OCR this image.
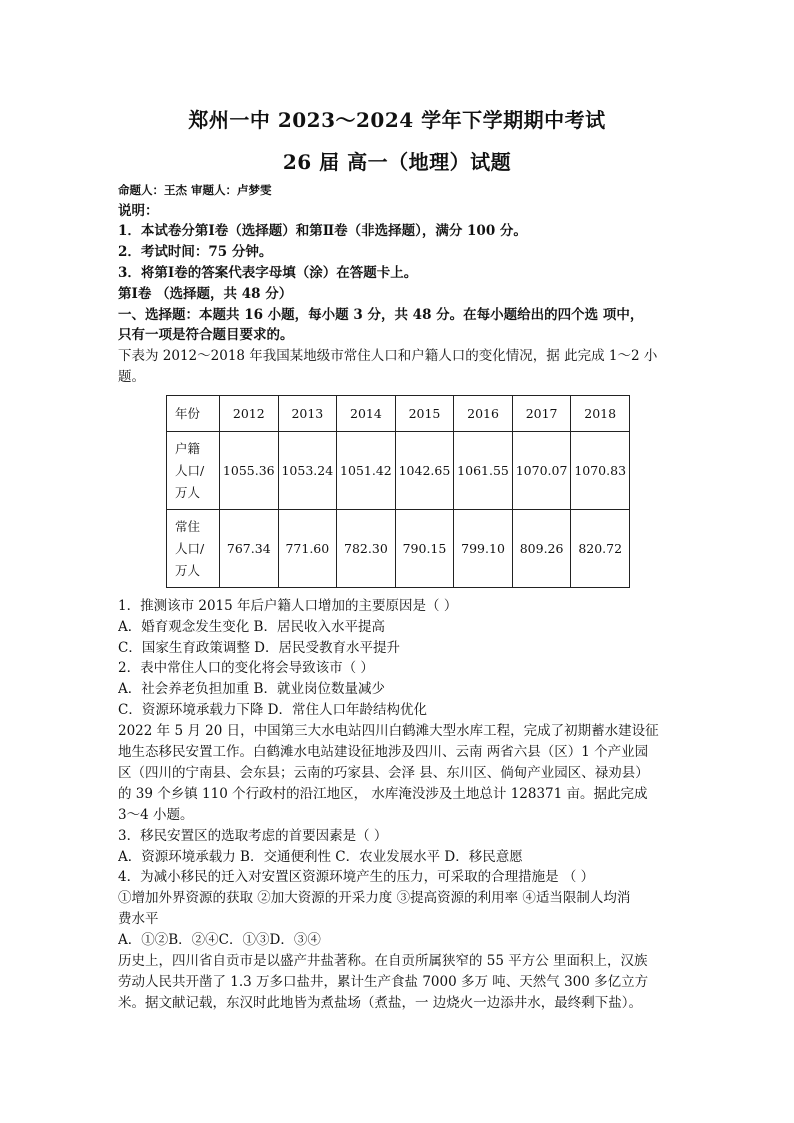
郑州一中 2023～2024 学年下学期期中考试
26 届 高一（地理）试题
命题人：王杰 审题人：卢梦雯
说明：
1．本试卷分第Ⅰ卷（选择题）和第Ⅱ卷（非选择题），满分 100 分。
2．考试时间：75 分钟。
3．将第Ⅰ卷的答案代表字母填（涂）在答题卡上。
第Ⅰ卷 （选择题，共 48 分）
一、选择题：本题共 16 小题，每小题 3 分，共 48 分。在每小题给出的四个选 项中，
只有一项是符合题目要求的。
下表为 2012～2018 年我国某地级市常住人口和户籍人口的变化情况，据 此完成 1～2 小
题。
年份	2012	2013	2014	2015	2016	2017	2018

户籍
人口/
万人	1055.36	1053.24	1051.42	1042.65	1061.55	1070.07	1070.83

常住
人口/
万人	767.34	771.60	782.30	790.15	799.10	809.26	820.72
1．推测该市 2015 年后户籍人口增加的主要原因是（ ）
A．婚育观念发生变化 B．居民收入水平提高
C．国家生育政策调整 D．居民受教育水平提升
2．表中常住人口的变化将会导致该市（ ）
A．社会养老负担加重 B．就业岗位数量减少
C．资源环境承载力下降 D．常住人口年龄结构优化
2022 年 5 月 20 日，中国第三大水电站四川白鹤滩大型水库工程，完成了初期蓄水建设征
地生态移民安置工作。白鹤滩水电站建设征地涉及四川、云南 两省六县（区）1 个产业园
区（四川的宁南县、会东县；云南的巧家县、会泽 县、东川区、倘甸产业园区、禄劝县）
的 39 个乡镇 110 个行政村的沿江地区， 水库淹没涉及土地总计 128371 亩。据此完成
3～4 小题。
3．移民安置区的选取考虑的首要因素是（ ）
A．资源环境承载力 B．交通便利性 C．农业发展水平 D．移民意愿
4．为减小移民的迁入对安置区资源环境产生的压力，可采取的合理措施是 （ ）
①增加外界资源的获取 ②加大资源的开采力度 ③提高资源的利用率 ④适当限制人均消
费水平
A．①②B．②④C．①③D．③④
历史上，四川省自贡市是以盛产井盐著称。在自贡所属狭窄的 55 平方公 里面积上，汉族
劳动人民共开凿了 1.3 万多口盐井，累计生产食盐 7000 多万 吨、天然气 300 多亿立方
米。据文献记载，东汉时此地皆为煮盐场（煮盐，一 边烧火一边添井水，最终剩下盐）。
